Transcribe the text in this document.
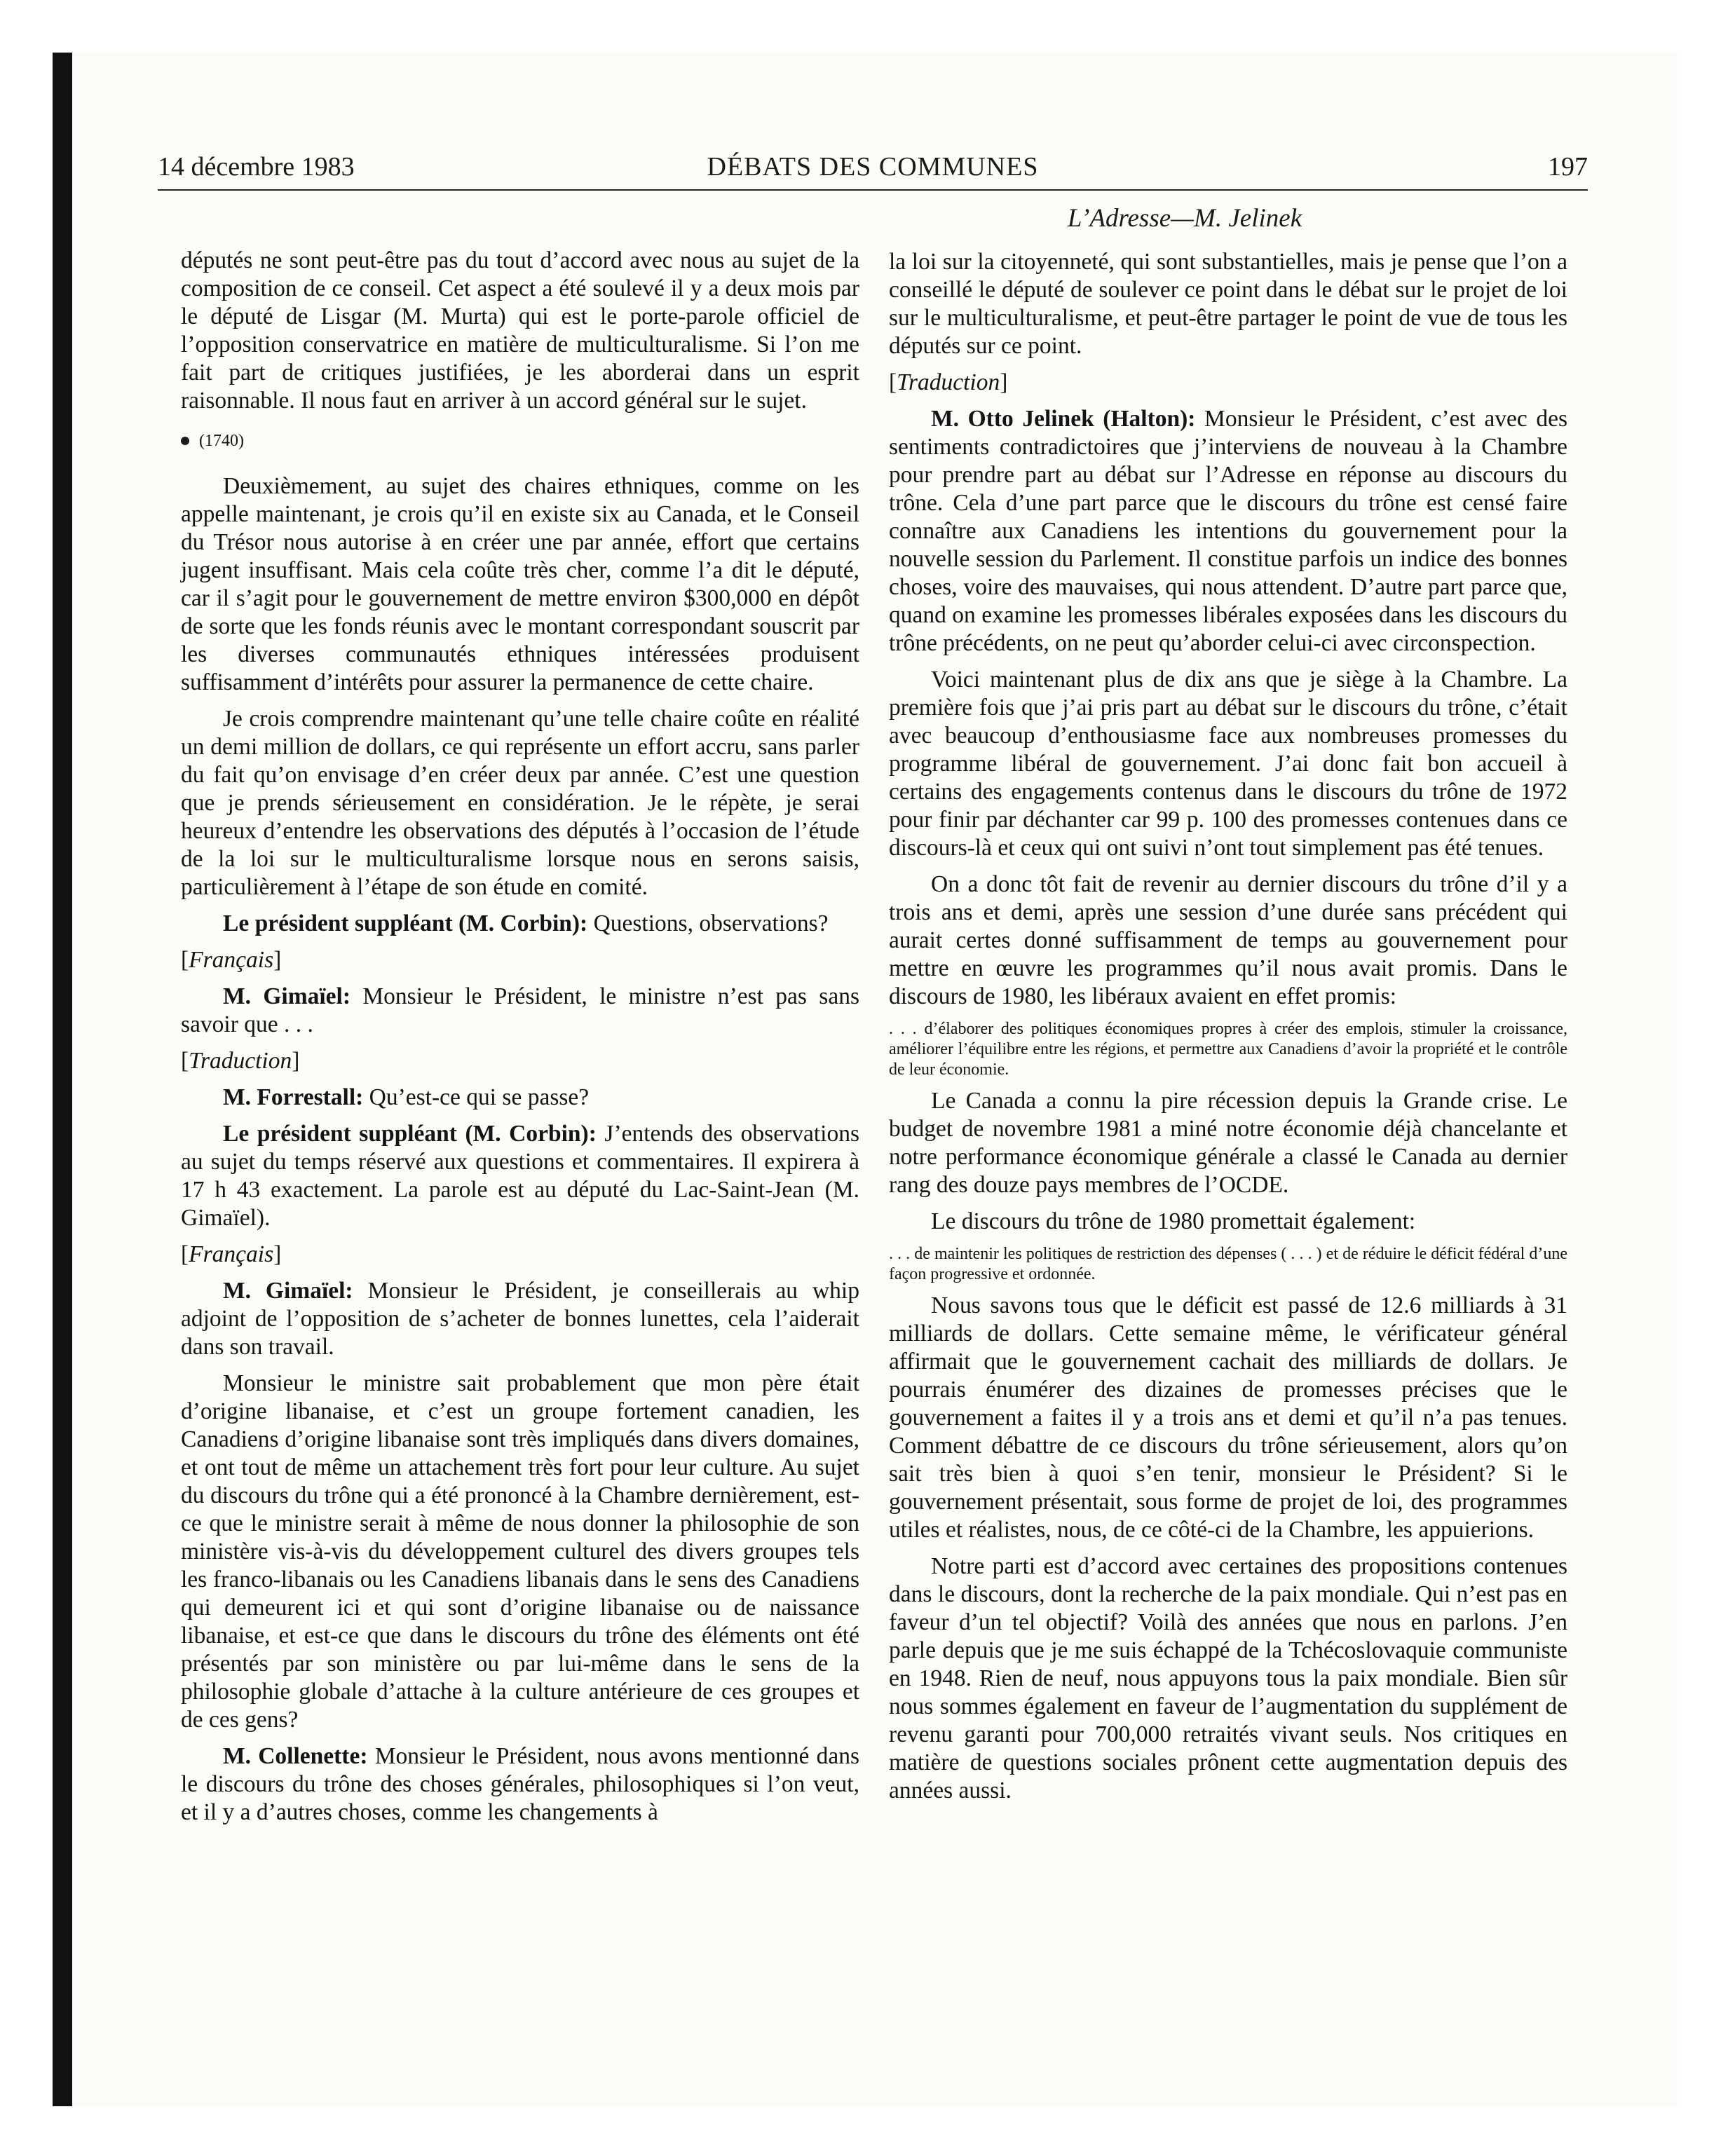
14 décembre 1983	DÉBATS DES COMMUNES	197
L’Adresse—M. Jelinek

députés ne sont peut-être pas du tout d’accord avec nous au sujet de la composition de ce conseil. Cet aspect a été soulevé il y a deux mois par le député de Lisgar (M. Murta) qui est le porte-parole officiel de l’opposition conservatrice en matière de multiculturalisme. Si l’on me fait part de critiques justifiées, je les aborderai dans un esprit raisonnable. Il nous faut en arriver à un accord général sur le sujet.

(1740)

Deuxièmement, au sujet des chaires ethniques, comme on les appelle maintenant, je crois qu’il en existe six au Canada, et le Conseil du Trésor nous autorise à en créer une par année, effort que certains jugent insuffisant. Mais cela coûte très cher, comme l’a dit le député, car il s’agit pour le gouvernement de mettre environ $300,000 en dépôt de sorte que les fonds réunis avec le montant correspondant souscrit par les diverses communautés ethniques intéressées produisent suffisamment d’intérêts pour assurer la permanence de cette chaire.

Je crois comprendre maintenant qu’une telle chaire coûte en réalité un demi million de dollars, ce qui représente un effort accru, sans parler du fait qu’on envisage d’en créer deux par année. C’est une question que je prends sérieusement en considération. Je le répète, je serai heureux d’entendre les observations des députés à l’occasion de l’étude de la loi sur le multiculturalisme lorsque nous en serons saisis, particulièrement à l’étape de son étude en comité.

Le président suppléant (M. Corbin): Questions, observations?

[Français]

M. Gimaïel: Monsieur le Président, le ministre n’est pas sans savoir que . . .

[Traduction]

M. Forrestall: Qu’est-ce qui se passe?

Le président suppléant (M. Corbin): J’entends des observations au sujet du temps réservé aux questions et commentaires. Il expirera à 17 h 43 exactement. La parole est au député du Lac-Saint-Jean (M. Gimaïel).

[Français]

M. Gimaïel: Monsieur le Président, je conseillerais au whip adjoint de l’opposition de s’acheter de bonnes lunettes, cela l’aiderait dans son travail.

Monsieur le ministre sait probablement que mon père était d’origine libanaise, et c’est un groupe fortement canadien, les Canadiens d’origine libanaise sont très impliqués dans divers domaines, et ont tout de même un attachement très fort pour leur culture. Au sujet du discours du trône qui a été prononcé à la Chambre dernièrement, est-ce que le ministre serait à même de nous donner la philosophie de son ministère vis-à-vis du développement culturel des divers groupes tels les franco-libanais ou les Canadiens libanais dans le sens des Canadiens qui demeurent ici et qui sont d’origine libanaise ou de naissance libanaise, et est-ce que dans le discours du trône des éléments ont été présentés par son ministère ou par lui-même dans le sens de la philosophie globale d’attache à la culture antérieure de ces groupes et de ces gens?

M. Collenette: Monsieur le Président, nous avons mentionné dans le discours du trône des choses générales, philosophiques si l’on veut, et il y a d’autres choses, comme les changements à

la loi sur la citoyenneté, qui sont substantielles, mais je pense que l’on a conseillé le député de soulever ce point dans le débat sur le projet de loi sur le multiculturalisme, et peut-être partager le point de vue de tous les députés sur ce point.

[Traduction]

M. Otto Jelinek (Halton): Monsieur le Président, c’est avec des sentiments contradictoires que j’interviens de nouveau à la Chambre pour prendre part au débat sur l’Adresse en réponse au discours du trône. Cela d’une part parce que le discours du trône est censé faire connaître aux Canadiens les intentions du gouvernement pour la nouvelle session du Parlement. Il constitue parfois un indice des bonnes choses, voire des mauvaises, qui nous attendent. D’autre part parce que, quand on examine les promesses libérales exposées dans les discours du trône précédents, on ne peut qu’aborder celui-ci avec circonspection.

Voici maintenant plus de dix ans que je siège à la Chambre. La première fois que j’ai pris part au débat sur le discours du trône, c’était avec beaucoup d’enthousiasme face aux nombreuses promesses du programme libéral de gouvernement. J’ai donc fait bon accueil à certains des engagements contenus dans le discours du trône de 1972 pour finir par déchanter car 99 p. 100 des promesses contenues dans ce discours-là et ceux qui ont suivi n’ont tout simplement pas été tenues.

On a donc tôt fait de revenir au dernier discours du trône d’il y a trois ans et demi, après une session d’une durée sans précédent qui aurait certes donné suffisamment de temps au gouvernement pour mettre en œuvre les programmes qu’il nous avait promis. Dans le discours de 1980, les libéraux avaient en effet promis:

. . . d’élaborer des politiques économiques propres à créer des emplois, stimuler la croissance, améliorer l’équilibre entre les régions, et permettre aux Canadiens d’avoir la propriété et le contrôle de leur économie.

Le Canada a connu la pire récession depuis la Grande crise. Le budget de novembre 1981 a miné notre économie déjà chancelante et notre performance économique générale a classé le Canada au dernier rang des douze pays membres de l’OCDE.

Le discours du trône de 1980 promettait également:

. . . de maintenir les politiques de restriction des dépenses ( . . . ) et de réduire le déficit fédéral d’une façon progressive et ordonnée.

Nous savons tous que le déficit est passé de 12.6 milliards à 31 milliards de dollars. Cette semaine même, le vérificateur général affirmait que le gouvernement cachait des milliards de dollars. Je pourrais énumérer des dizaines de promesses précises que le gouvernement a faites il y a trois ans et demi et qu’il n’a pas tenues. Comment débattre de ce discours du trône sérieusement, alors qu’on sait très bien à quoi s’en tenir, monsieur le Président? Si le gouvernement présentait, sous forme de projet de loi, des programmes utiles et réalistes, nous, de ce côté-ci de la Chambre, les appuierions.

Notre parti est d’accord avec certaines des propositions contenues dans le discours, dont la recherche de la paix mondiale. Qui n’est pas en faveur d’un tel objectif? Voilà des années que nous en parlons. J’en parle depuis que je me suis échappé de la Tchécoslovaquie communiste en 1948. Rien de neuf, nous appuyons tous la paix mondiale. Bien sûr nous sommes également en faveur de l’augmentation du supplément de revenu garanti pour 700,000 retraités vivant seuls. Nos critiques en matière de questions sociales prônent cette augmentation depuis des années aussi.
